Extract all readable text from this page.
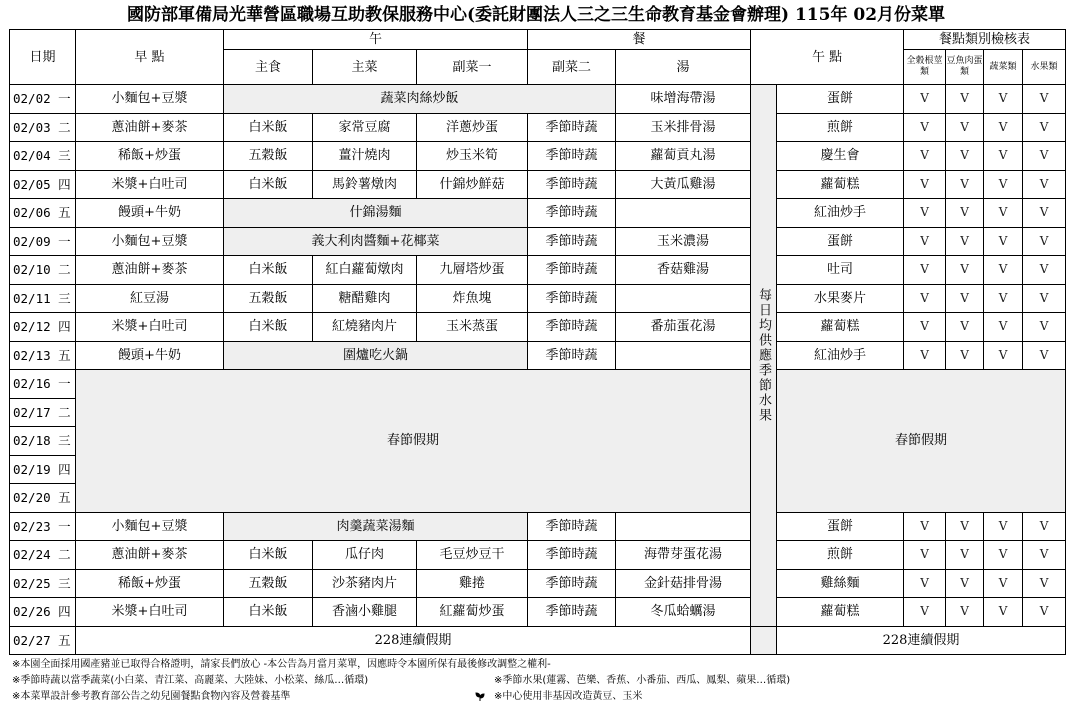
國防部軍備局光華營區職場互助教保服務中心(委託財團法人三之三生命教育基金會辦理) 115年 02月份菜單
日期	早 點	午			餐		午 點		餐點類別檢核表			
		主食	主菜	副菜一	副菜二	湯			全穀根莖類	豆魚肉蛋類	蔬菜類	水果類
02/02 一	小麵包+豆漿	蔬菜肉絲炒飯				味增海帶湯	每日均供應季節水果	蛋餅	V	V	V	V
02/03 二	蔥油餅+麥茶	白米飯	家常豆腐	洋蔥炒蛋	季節時蔬	玉米排骨湯		煎餅	V	V	V	V
02/04 三	稀飯+炒蛋	五穀飯	薑汁燒肉	炒玉米筍	季節時蔬	蘿蔔貢丸湯		慶生會	V	V	V	V
02/05 四	米漿+白吐司	白米飯	馬鈴薯燉肉	什錦炒鮮菇	季節時蔬	大黃瓜雞湯		蘿蔔糕	V	V	V	V
02/06 五	饅頭+牛奶	什錦湯麵			季節時蔬			紅油炒手	V	V	V	V
02/09 一	小麵包+豆漿	義大利肉醬麵+花椰菜			季節時蔬	玉米濃湯		蛋餅	V	V	V	V
02/10 二	蔥油餅+麥茶	白米飯	紅白蘿蔔燉肉	九層塔炒蛋	季節時蔬	香菇雞湯		吐司	V	V	V	V
02/11 三	紅豆湯	五穀飯	糖醋雞肉	炸魚塊	季節時蔬			水果麥片	V	V	V	V
02/12 四	米漿+白吐司	白米飯	紅燒豬肉片	玉米蒸蛋	季節時蔬	番茄蛋花湯		蘿蔔糕	V	V	V	V
02/13 五	饅頭+牛奶	圍爐吃火鍋			季節時蔬			紅油炒手	V	V	V	V
02/16 一	春節假期							春節假期				
02/17 二												
02/18 三												
02/19 四												
02/20 五												
02/23 一	小麵包+豆漿	肉羹蔬菜湯麵			季節時蔬			蛋餅	V	V	V	V
02/24 二	蔥油餅+麥茶	白米飯	瓜仔肉	毛豆炒豆干	季節時蔬	海帶芽蛋花湯		煎餅	V	V	V	V
02/25 三	稀飯+炒蛋	五穀飯	沙茶豬肉片	雞捲	季節時蔬	金針菇排骨湯		雞絲麵	V	V	V	V
02/26 四	米漿+白吐司	白米飯	香滷小雞腿	紅蘿蔔炒蛋	季節時蔬	冬瓜蛤蠣湯		蘿蔔糕	V	V	V	V
02/27 五	228連續假期							228連續假期				
※本園全面採用國產豬並已取得合格證明，請家長們放心 -本公告為月當月菜單，因應時令本園所保有最後修改調整之權利-
※季節時蔬以當季蔬菜(小白菜、青江菜、高麗菜、大陸妹、小松菜、絲瓜…循環)	※季節水果(蓮霧、芭樂、香蕉、小番茄、西瓜、鳳梨、蘋果…循環)
※本菜單設計參考教育部公告之幼兒園餐點食物內容及營養基準	※中心使用非基因改造黃豆、玉米
